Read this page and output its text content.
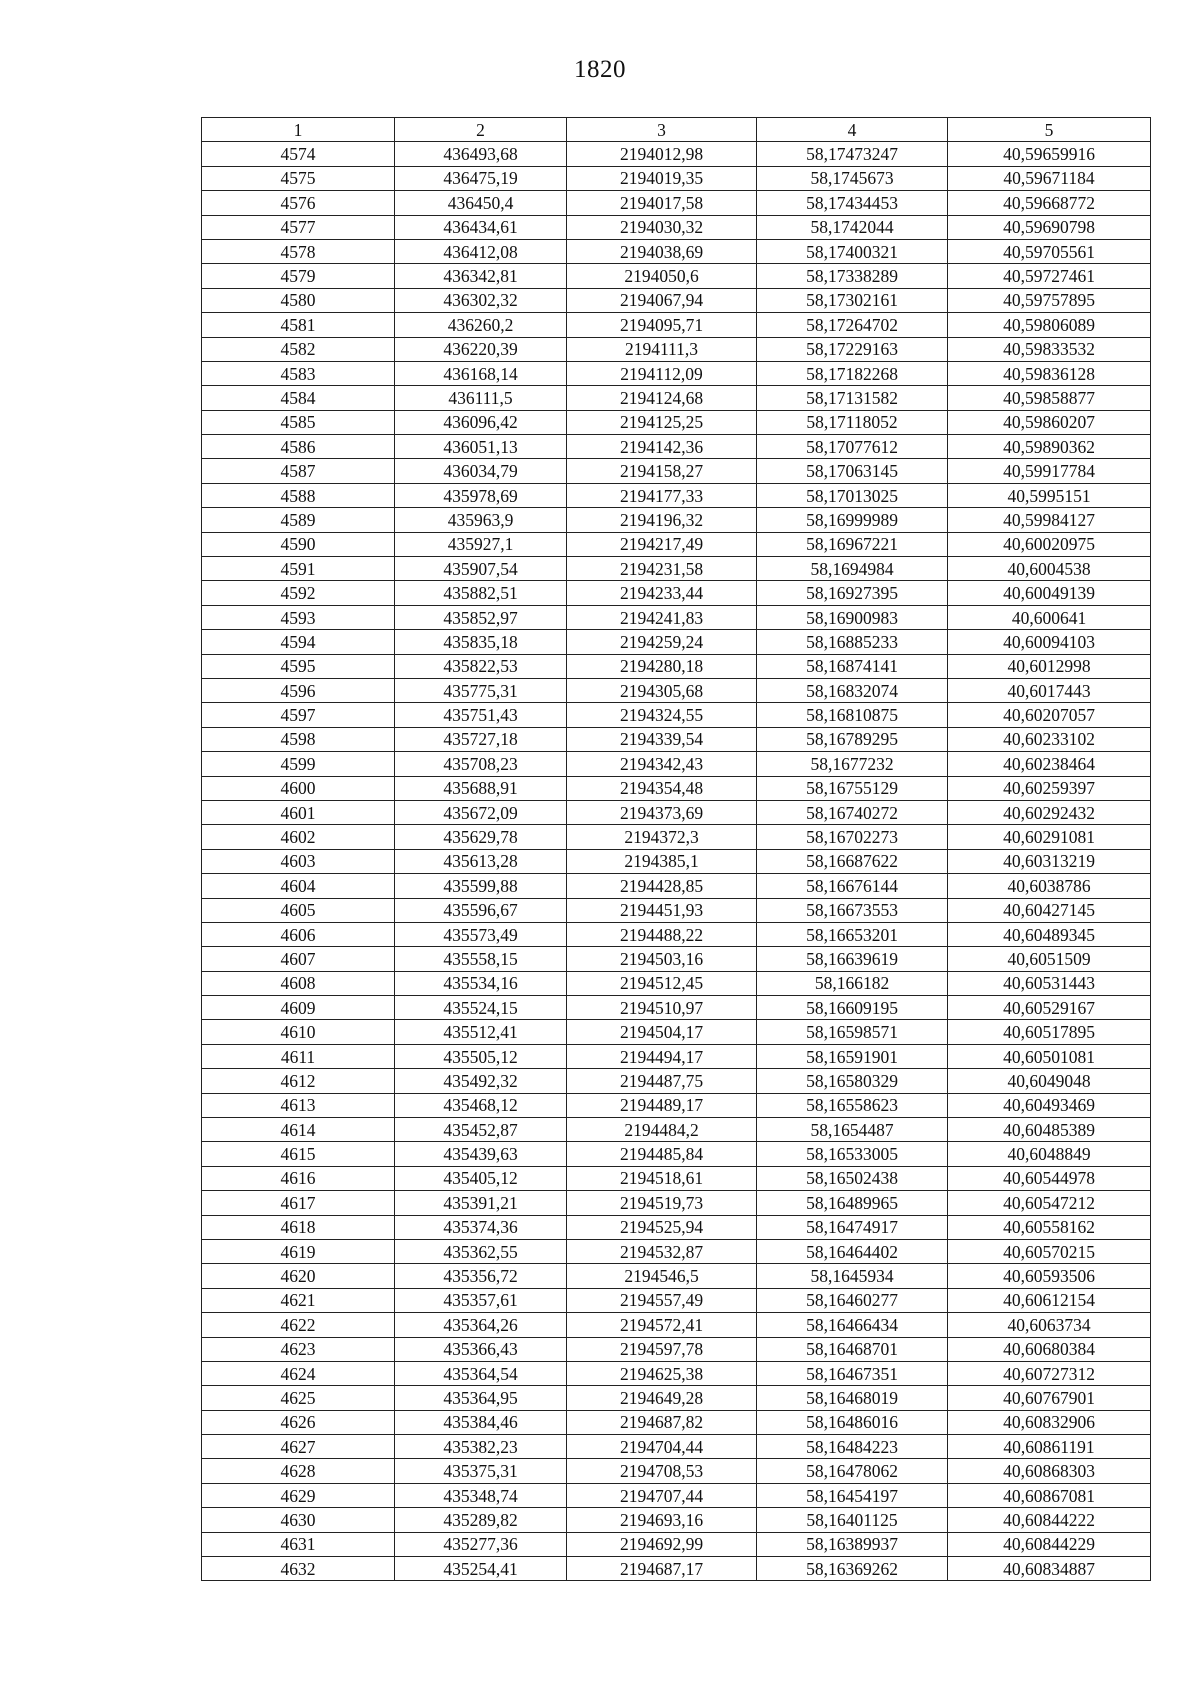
1820
1	2	3	4	5
4574	436493,68	2194012,98	58,17473247	40,59659916
4575	436475,19	2194019,35	58,1745673	40,59671184
4576	436450,4	2194017,58	58,17434453	40,59668772
4577	436434,61	2194030,32	58,1742044	40,59690798
4578	436412,08	2194038,69	58,17400321	40,59705561
4579	436342,81	2194050,6	58,17338289	40,59727461
4580	436302,32	2194067,94	58,17302161	40,59757895
4581	436260,2	2194095,71	58,17264702	40,59806089
4582	436220,39	2194111,3	58,17229163	40,59833532
4583	436168,14	2194112,09	58,17182268	40,59836128
4584	436111,5	2194124,68	58,17131582	40,59858877
4585	436096,42	2194125,25	58,17118052	40,59860207
4586	436051,13	2194142,36	58,17077612	40,59890362
4587	436034,79	2194158,27	58,17063145	40,59917784
4588	435978,69	2194177,33	58,17013025	40,5995151
4589	435963,9	2194196,32	58,16999989	40,59984127
4590	435927,1	2194217,49	58,16967221	40,60020975
4591	435907,54	2194231,58	58,1694984	40,6004538
4592	435882,51	2194233,44	58,16927395	40,60049139
4593	435852,97	2194241,83	58,16900983	40,600641
4594	435835,18	2194259,24	58,16885233	40,60094103
4595	435822,53	2194280,18	58,16874141	40,6012998
4596	435775,31	2194305,68	58,16832074	40,6017443
4597	435751,43	2194324,55	58,16810875	40,60207057
4598	435727,18	2194339,54	58,16789295	40,60233102
4599	435708,23	2194342,43	58,1677232	40,60238464
4600	435688,91	2194354,48	58,16755129	40,60259397
4601	435672,09	2194373,69	58,16740272	40,60292432
4602	435629,78	2194372,3	58,16702273	40,60291081
4603	435613,28	2194385,1	58,16687622	40,60313219
4604	435599,88	2194428,85	58,16676144	40,6038786
4605	435596,67	2194451,93	58,16673553	40,60427145
4606	435573,49	2194488,22	58,16653201	40,60489345
4607	435558,15	2194503,16	58,16639619	40,6051509
4608	435534,16	2194512,45	58,166182	40,60531443
4609	435524,15	2194510,97	58,16609195	40,60529167
4610	435512,41	2194504,17	58,16598571	40,60517895
4611	435505,12	2194494,17	58,16591901	40,60501081
4612	435492,32	2194487,75	58,16580329	40,6049048
4613	435468,12	2194489,17	58,16558623	40,60493469
4614	435452,87	2194484,2	58,1654487	40,60485389
4615	435439,63	2194485,84	58,16533005	40,6048849
4616	435405,12	2194518,61	58,16502438	40,60544978
4617	435391,21	2194519,73	58,16489965	40,60547212
4618	435374,36	2194525,94	58,16474917	40,60558162
4619	435362,55	2194532,87	58,16464402	40,60570215
4620	435356,72	2194546,5	58,1645934	40,60593506
4621	435357,61	2194557,49	58,16460277	40,60612154
4622	435364,26	2194572,41	58,16466434	40,6063734
4623	435366,43	2194597,78	58,16468701	40,60680384
4624	435364,54	2194625,38	58,16467351	40,60727312
4625	435364,95	2194649,28	58,16468019	40,60767901
4626	435384,46	2194687,82	58,16486016	40,60832906
4627	435382,23	2194704,44	58,16484223	40,60861191
4628	435375,31	2194708,53	58,16478062	40,60868303
4629	435348,74	2194707,44	58,16454197	40,60867081
4630	435289,82	2194693,16	58,16401125	40,60844222
4631	435277,36	2194692,99	58,16389937	40,60844229
4632	435254,41	2194687,17	58,16369262	40,60834887
